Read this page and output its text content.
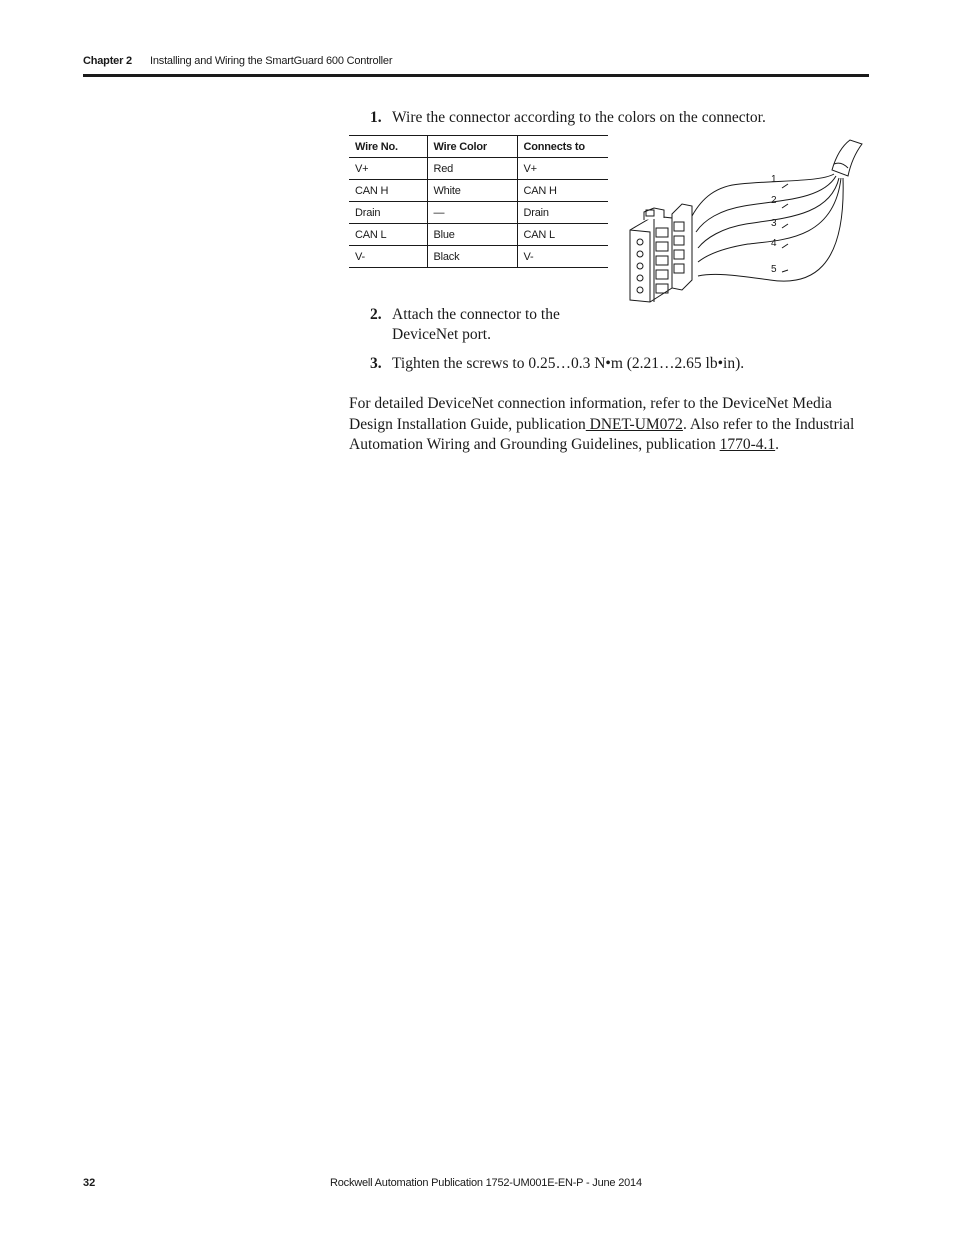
Chapter 2 Installing and Wiring the SmartGuard 600 Controller
1. Wire the connector according to the colors on the connector.
Wire No.	Wire Color	Connects to
V+	Red	V+
CAN H	White	CAN H
Drain	—	Drain
CAN L	Blue	CAN L
V-	Black	V-
1
2
3
4
5
2. Attach the connector to the DeviceNet port.
3. Tighten the screws to 0.25…0.3 N•m (2.21…2.65 lb•in).

For detailed DeviceNet connection information, refer to the DeviceNet Media Design Installation Guide, publication DNET-UM072. Also refer to the Industrial Automation Wiring and Grounding Guidelines, publication 1770-4.1.

32	Rockwell Automation Publication 1752-UM001E-EN-P - June 2014
